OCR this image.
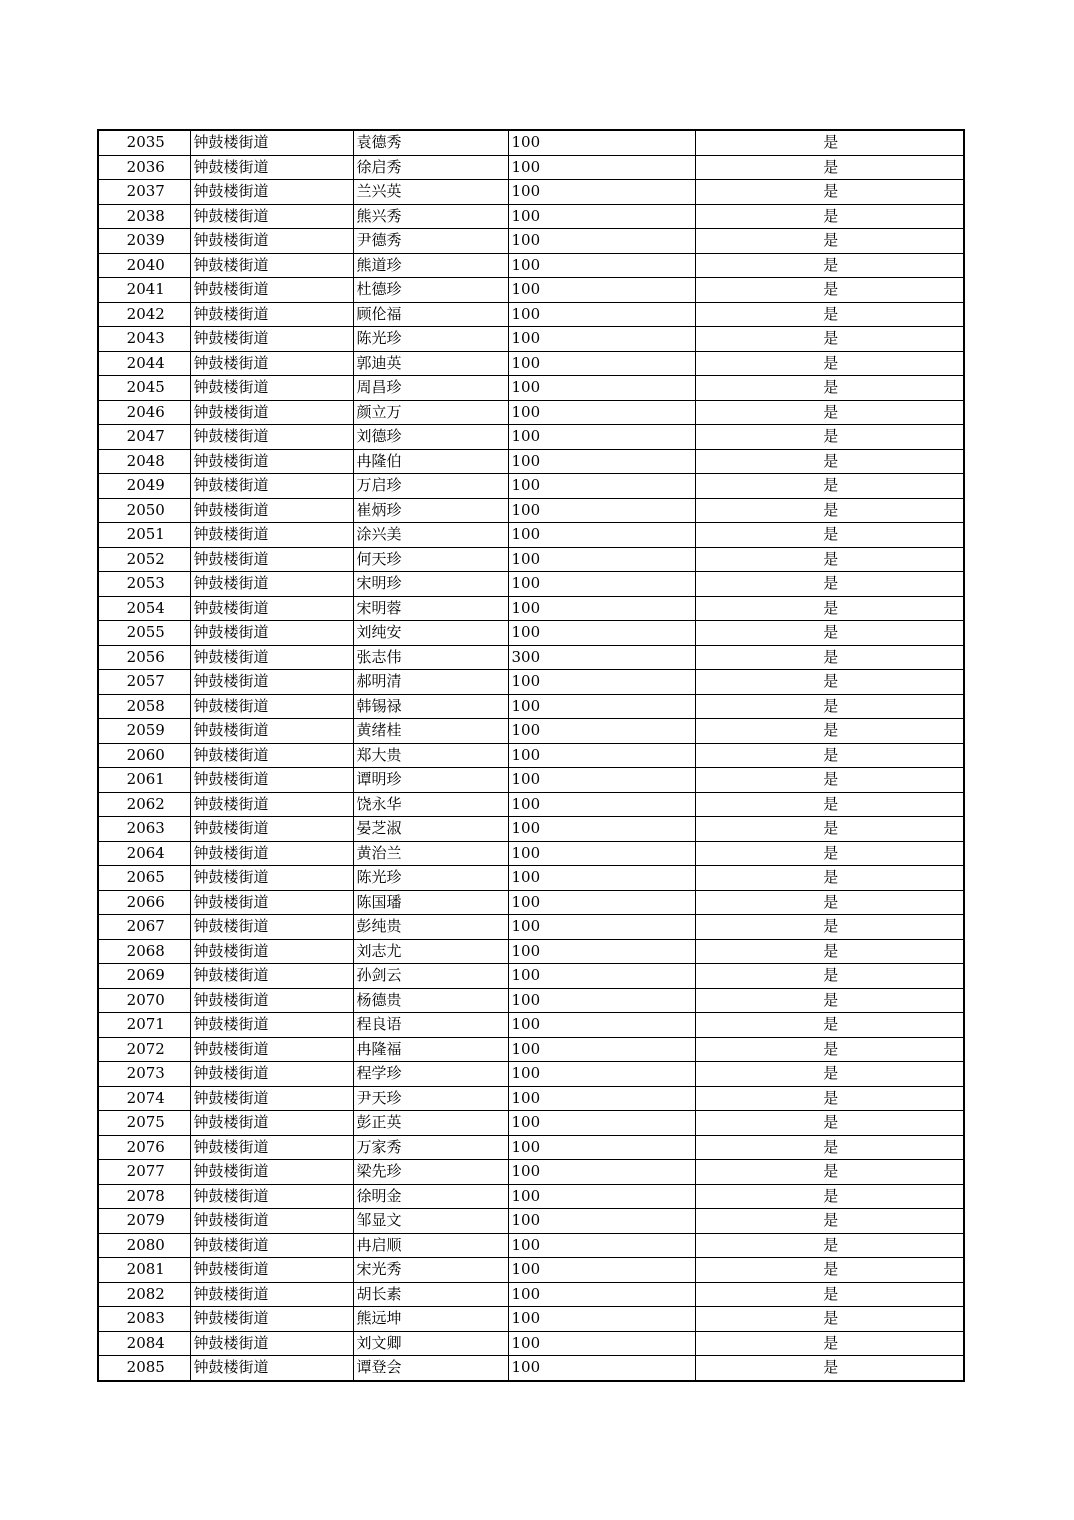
2035	钟鼓楼街道	袁德秀	100	是
2036	钟鼓楼街道	徐启秀	100	是
2037	钟鼓楼街道	兰兴英	100	是
2038	钟鼓楼街道	熊兴秀	100	是
2039	钟鼓楼街道	尹德秀	100	是
2040	钟鼓楼街道	熊道珍	100	是
2041	钟鼓楼街道	杜德珍	100	是
2042	钟鼓楼街道	顾伦福	100	是
2043	钟鼓楼街道	陈光珍	100	是
2044	钟鼓楼街道	郭迪英	100	是
2045	钟鼓楼街道	周昌珍	100	是
2046	钟鼓楼街道	颜立万	100	是
2047	钟鼓楼街道	刘德珍	100	是
2048	钟鼓楼街道	冉隆伯	100	是
2049	钟鼓楼街道	万启珍	100	是
2050	钟鼓楼街道	崔炳珍	100	是
2051	钟鼓楼街道	涂兴美	100	是
2052	钟鼓楼街道	何天珍	100	是
2053	钟鼓楼街道	宋明珍	100	是
2054	钟鼓楼街道	宋明蓉	100	是
2055	钟鼓楼街道	刘纯安	100	是
2056	钟鼓楼街道	张志伟	300	是
2057	钟鼓楼街道	郝明清	100	是
2058	钟鼓楼街道	韩锡禄	100	是
2059	钟鼓楼街道	黄绪桂	100	是
2060	钟鼓楼街道	郑大贵	100	是
2061	钟鼓楼街道	谭明珍	100	是
2062	钟鼓楼街道	饶永华	100	是
2063	钟鼓楼街道	晏芝淑	100	是
2064	钟鼓楼街道	黄治兰	100	是
2065	钟鼓楼街道	陈光珍	100	是
2066	钟鼓楼街道	陈国璠	100	是
2067	钟鼓楼街道	彭纯贵	100	是
2068	钟鼓楼街道	刘志尤	100	是
2069	钟鼓楼街道	孙剑云	100	是
2070	钟鼓楼街道	杨德贵	100	是
2071	钟鼓楼街道	程良语	100	是
2072	钟鼓楼街道	冉隆福	100	是
2073	钟鼓楼街道	程学珍	100	是
2074	钟鼓楼街道	尹天珍	100	是
2075	钟鼓楼街道	彭正英	100	是
2076	钟鼓楼街道	万家秀	100	是
2077	钟鼓楼街道	梁先珍	100	是
2078	钟鼓楼街道	徐明金	100	是
2079	钟鼓楼街道	邹显文	100	是
2080	钟鼓楼街道	冉启顺	100	是
2081	钟鼓楼街道	宋光秀	100	是
2082	钟鼓楼街道	胡长素	100	是
2083	钟鼓楼街道	熊远坤	100	是
2084	钟鼓楼街道	刘文卿	100	是
2085	钟鼓楼街道	谭登会	100	是
